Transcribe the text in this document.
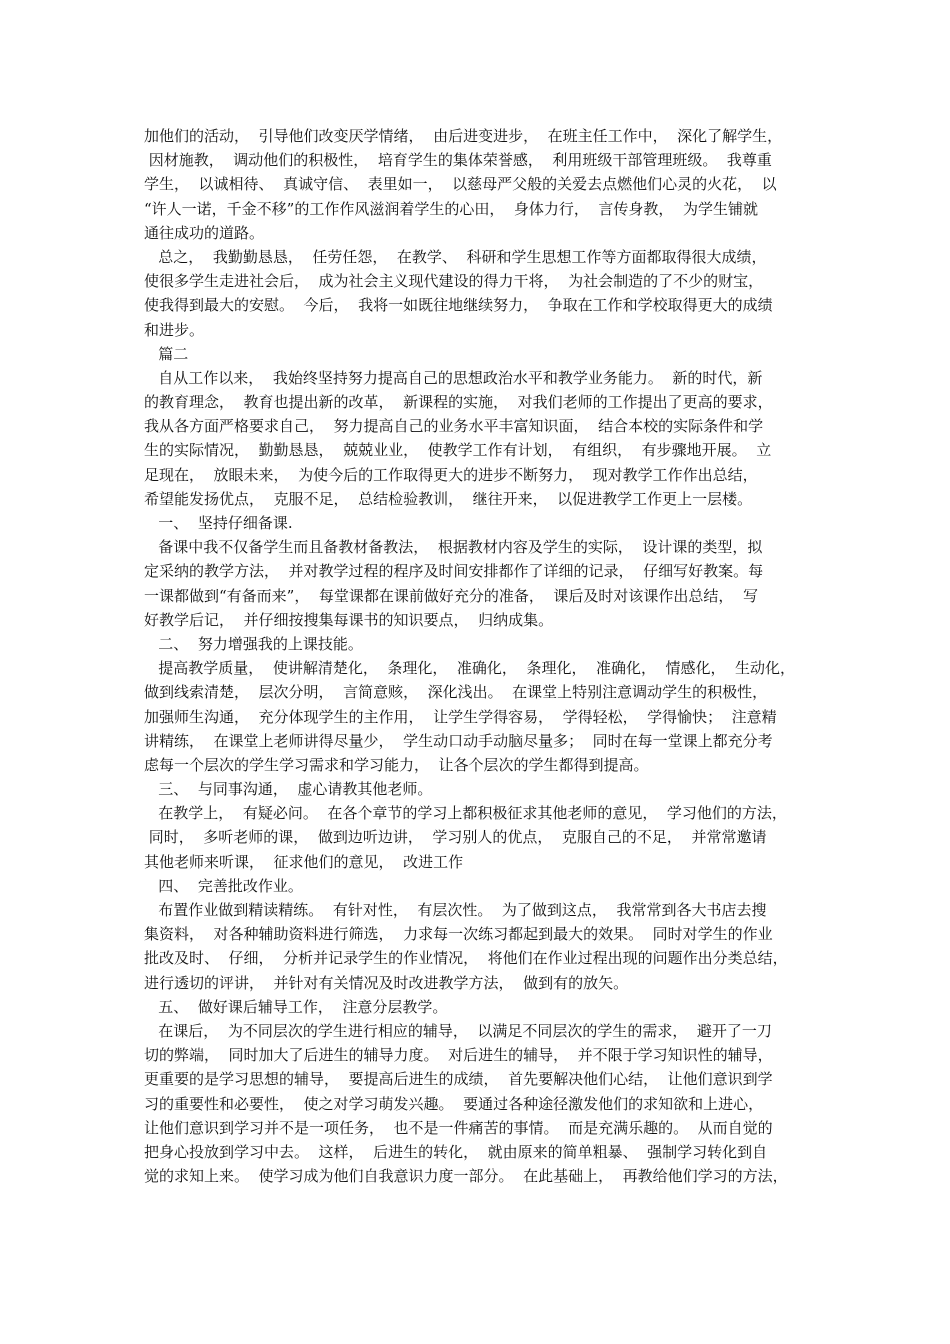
加他们的活动，  引导他们改变厌学情绪，  由后进变进步，  在班主任工作中，  深化了解学生，
因材施教，  调动他们的积极性，  培育学生的集体荣誉感，  利用班级干部管理班级。  我尊重
学生，  以诚相待、  真诚守信、  表里如一，  以慈母严父般的关爱去点燃他们心灵的火花，  以
“许人一诺，千金不移”的工作作风滋润着学生的心田，  身体力行，  言传身教，  为学生铺就
通往成功的道路。
总之，  我勤勤恳恳，  任劳任怨，  在教学、  科研和学生思想工作等方面都取得很大成绩，
使很多学生走进社会后，  成为社会主义现代建设的得力干将，  为社会制造的了不少的财宝，
使我得到最大的安慰。  今后，  我将一如既往地继续努力，  争取在工作和学校取得更大的成绩
和进步。
篇二
自从工作以来，  我始终坚持努力提高自己的思想政治水平和教学业务能力。  新的时代，新
的教育理念，  教育也提出新的改革，  新课程的实施，  对我们老师的工作提出了更高的要求，
我从各方面严格要求自己，  努力提高自己的业务水平丰富知识面，  结合本校的实际条件和学
生的实际情况，  勤勤恳恳，  兢兢业业，  使教学工作有计划，  有组织，  有步骤地开展。  立
足现在，  放眼未来，  为使今后的工作取得更大的进步不断努力，  现对教学工作作出总结，
希望能发扬优点，  克服不足，  总结检验教训，  继往开来，  以促进教学工作更上一层楼。
一、  坚持仔细备课.
备课中我不仅备学生而且备教材备教法，  根据教材内容及学生的实际，  设计课的类型，拟
定采纳的教学方法，  并对教学过程的程序及时间安排都作了详细的记录，  仔细写好教案。每
一课都做到“有备而来”，  每堂课都在课前做好充分的准备，  课后及时对该课作出总结，  写
好教学后记，  并仔细按搜集每课书的知识要点，  归纳成集。
二、  努力增强我的上课技能。
提高教学质量，  使讲解清楚化，  条理化，  准确化，  条理化，  准确化，  情感化，  生动化，
做到线索清楚，  层次分明，  言简意赅，  深化浅出。  在课堂上特别注意调动学生的积极性，
加强师生沟通，  充分体现学生的主作用，  让学生学得容易，  学得轻松，  学得愉快；  注意精
讲精练，  在课堂上老师讲得尽量少，  学生动口动手动脑尽量多；  同时在每一堂课上都充分考
虑每一个层次的学生学习需求和学习能力，  让各个层次的学生都得到提高。
三、  与同事沟通，  虚心请教其他老师。
在教学上，  有疑必问。  在各个章节的学习上都积极征求其他老师的意见，  学习他们的方法，
同时，  多听老师的课，  做到边听边讲，  学习别人的优点，  克服自己的不足，  并常常邀请
其他老师来听课，  征求他们的意见，  改进工作
四、  完善批改作业。
布置作业做到精读精练。  有针对性，  有层次性。  为了做到这点，  我常常到各大书店去搜
集资料，  对各种辅助资料进行筛选，  力求每一次练习都起到最大的效果。  同时对学生的作业
批改及时、  仔细，  分析并记录学生的作业情况，  将他们在作业过程出现的问题作出分类总结，
进行透切的评讲，  并针对有关情况及时改进教学方法，  做到有的放矢。
五、  做好课后辅导工作，  注意分层教学。
在课后，  为不同层次的学生进行相应的辅导，  以满足不同层次的学生的需求，  避开了一刀
切的弊端，  同时加大了后进生的辅导力度。  对后进生的辅导，  并不限于学习知识性的辅导，
更重要的是学习思想的辅导，  要提高后进生的成绩，  首先要解决他们心结，  让他们意识到学
习的重要性和必要性，  使之对学习萌发兴趣。  要通过各种途径激发他们的求知欲和上进心，
让他们意识到学习并不是一项任务，  也不是一件痛苦的事情。  而是充满乐趣的。  从而自觉的
把身心投放到学习中去。  这样，  后进生的转化，  就由原来的简单粗暴、  强制学习转化到自
觉的求知上来。  使学习成为他们自我意识力度一部分。  在此基础上，  再教给他们学习的方法，
